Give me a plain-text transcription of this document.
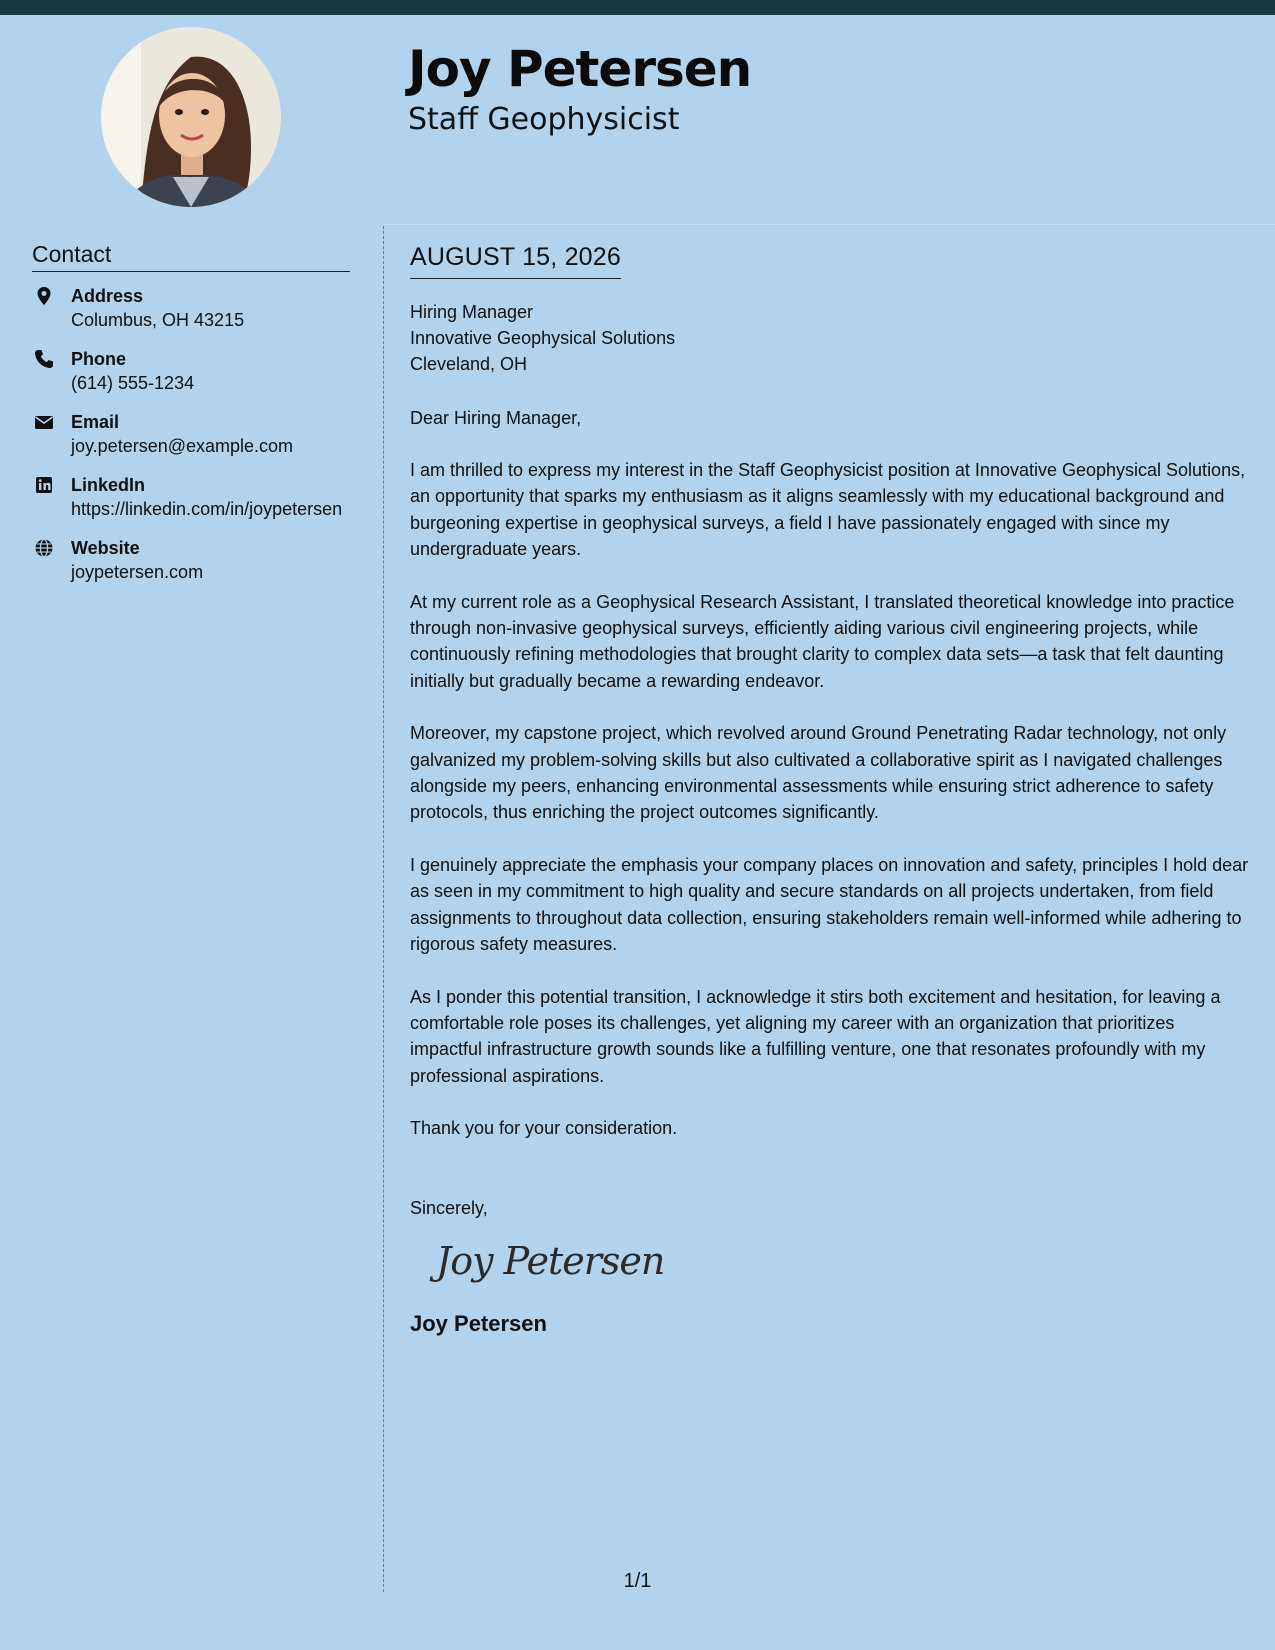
Joy Petersen
Staff Geophysicist
Contact
Address
Columbus, OH 43215
Phone
(614) 555-1234
Email
joy.petersen@example.com
LinkedIn
https://linkedin.com/in/joypetersen
Website
joypetersen.com
AUGUST 15, 2026
Hiring Manager
Innovative Geophysical Solutions
Cleveland, OH
Dear Hiring Manager,
I am thrilled to express my interest in the Staff Geophysicist position at Innovative Geophysical Solutions, an opportunity that sparks my enthusiasm as it aligns seamlessly with my educational background and burgeoning expertise in geophysical surveys, a field I have passionately engaged with since my undergraduate years.
At my current role as a Geophysical Research Assistant, I translated theoretical knowledge into practice through non-invasive geophysical surveys, efficiently aiding various civil engineering projects, while continuously refining methodologies that brought clarity to complex data sets—a task that felt daunting initially but gradually became a rewarding endeavor.
Moreover, my capstone project, which revolved around Ground Penetrating Radar technology, not only galvanized my problem-solving skills but also cultivated a collaborative spirit as I navigated challenges alongside my peers, enhancing environmental assessments while ensuring strict adherence to safety protocols, thus enriching the project outcomes significantly.
I genuinely appreciate the emphasis your company places on innovation and safety, principles I hold dear as seen in my commitment to high quality and secure standards on all projects undertaken, from field assignments to throughout data collection, ensuring stakeholders remain well-informed while adhering to rigorous safety measures.
As I ponder this potential transition, I acknowledge it stirs both excitement and hesitation, for leaving a comfortable role poses its challenges, yet aligning my career with an organization that prioritizes impactful infrastructure growth sounds like a fulfilling venture, one that resonates profoundly with my professional aspirations.
Thank you for your consideration.
Sincerely,
Joy Petersen
Joy Petersen
1/1
